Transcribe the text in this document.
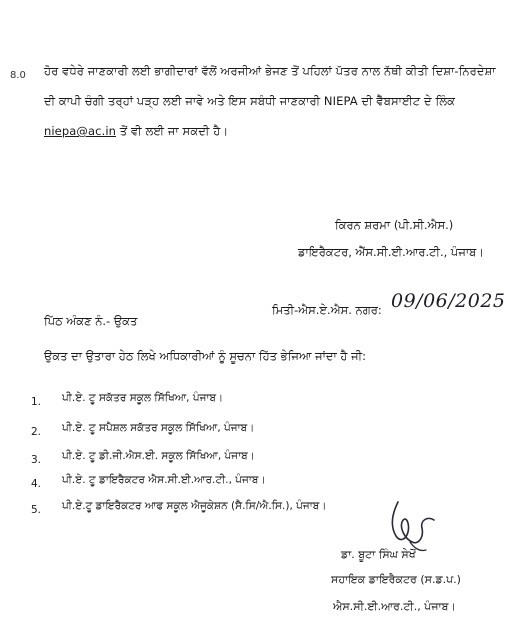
8.0 ਹੋਰ ਵਧੇਰੇ ਜਾਣਕਾਰੀ ਲਈ ਭਾਗੀਦਾਰਾਂ ਵੱਲੋਂ ਅਰਜੀਆਂ ਭੇਜਣ ਤੋਂ ਪਹਿਲਾਂ ਪੱਤਰ ਨਾਲ ਨੱਥੀ ਕੀਤੀ ਦਿਸ਼ਾ-ਨਿਰਦੇਸ਼ਾ
ਦੀ ਕਾਪੀ ਚੰਗੀ ਤਰ੍ਹਾਂ ਪੜ੍ਹ ਲਈ ਜਾਵੇ ਅਤੇ ਇਸ ਸਬੰਧੀ ਜਾਣਕਾਰੀ NIEPA ਦੀ ਵੈੱਬਸਾਈਟ ਦੇ ਲਿੰਕ
niepa@ac.in ਤੋਂ ਵੀ ਲਈ ਜਾ ਸਕਦੀ ਹੈ।
ਕਿਰਨ ਸ਼ਰਮਾ (ਪੀ.ਸੀ.ਐਸ.)
ਡਾਇਰੈਕਟਰ, ਐੱਸ.ਸੀ.ਈ.ਆਰ.ਟੀ., ਪੰਜਾਬ।
ਪਿੱਠ ਅੰਕਣ ਨੰ.- ਉਕਤ
ਮਿਤੀ-ਐਸ.ਏ.ਐਸ. ਨਗਰ: 09/06/2025
ਉਕਤ ਦਾ ਉਤਾਰਾ ਹੇਠ ਲਿਖੇ ਅਧਿਕਾਰੀਆਂ ਨੂੰ ਸੂਚਨਾ ਹਿੱਤ ਭੇਜਿਆ ਜਾਂਦਾ ਹੈ ਜੀ:
1. ਪੀ.ਏ. ਟੂ ਸਕੱਤਰ ਸਕੂਲ ਸਿੱਖਿਆ, ਪੰਜਾਬ।
2. ਪੀ.ਏ. ਟੂ ਸਪੈਸ਼ਲ ਸਕੱਤਰ ਸਕੂਲ ਸਿੱਖਿਆ, ਪੰਜਾਬ।
3. ਪੀ.ਏ. ਟੂ ਡੀ.ਜੀ.ਐਸ.ਈ. ਸਕੂਲ ਸਿੱਖਿਆ, ਪੰਜਾਬ।
4. ਪੀ.ਏ. ਟੂ ਡਾਇਰੈਕਟਰ ਐਸ.ਸੀ.ਈ.ਆਰ.ਟੀ., ਪੰਜਾਬ।
5. ਪੀ.ਏ.ਟੂ ਡਾਇਰੈਕਟਰ ਆਫ ਸਕੂਲ ਐਜੂਕੇਸ਼ਨ (ਸੈ.ਸਿ/ਐ.ਸਿ.), ਪੰਜਾਬ।
ਡਾ. ਬੂਟਾ ਸਿੰਘ ਸੇਖੋਂ
ਸਹਾਇਕ ਡਾਇਰੈਕਟਰ (ਸ.ਡ.ਪ.)
ਐਸ.ਸੀ.ਈ.ਆਰ.ਟੀ., ਪੰਜਾਬ।
